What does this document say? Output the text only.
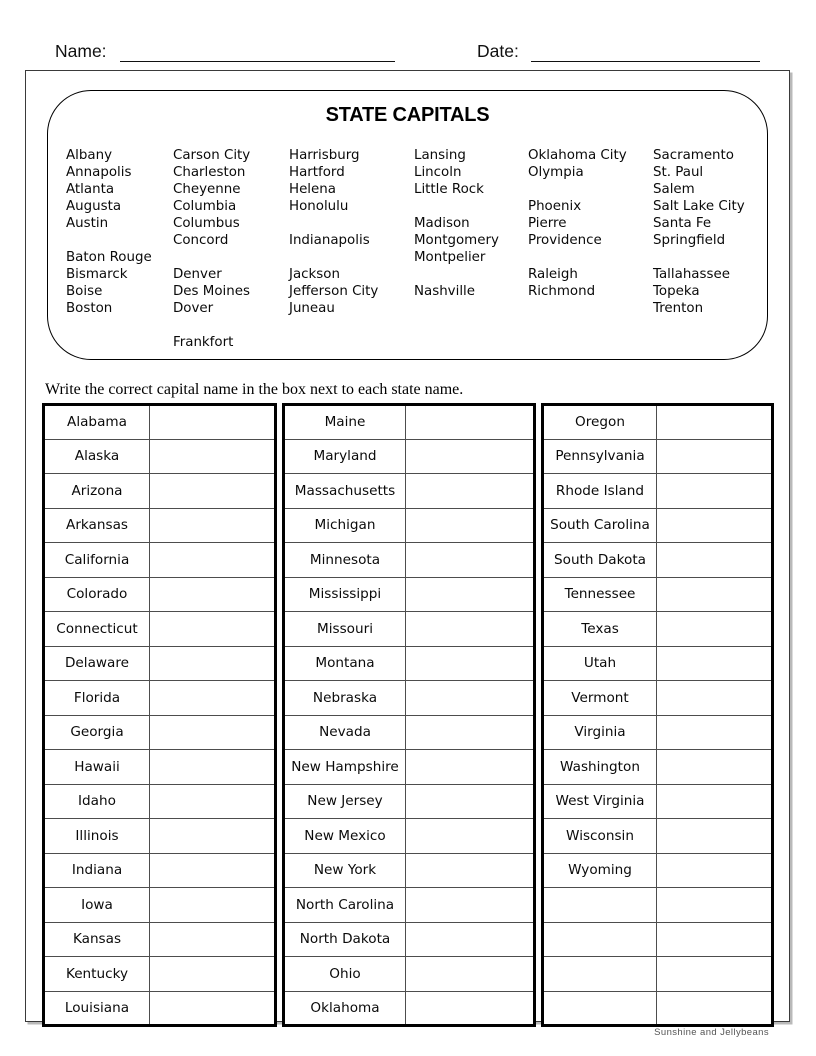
Name:	Date:
STATE CAPITALS
Albany
Annapolis
Atlanta
Augusta
Austin
Baton Rouge
Bismarck
Boise
Boston
Carson City
Charleston
Cheyenne
Columbia
Columbus
Concord
Denver
Des Moines
Dover
Frankfort
Harrisburg
Hartford
Helena
Honolulu
Indianapolis
Jackson
Jefferson City
Juneau
Lansing
Lincoln
Little Rock
Madison
Montgomery
Montpelier
Nashville
Oklahoma City
Olympia
Phoenix
Pierre
Providence
Raleigh
Richmond
Sacramento
St. Paul
Salem
Salt Lake City
Santa Fe
Springfield
Tallahassee
Topeka
Trenton
Write the correct capital name in the box next to each state name.
Alabama	
Alaska	
Arizona	
Arkansas	
California	
Colorado	
Connecticut	
Delaware	
Florida	
Georgia	
Hawaii	
Idaho	
Illinois	
Indiana	
Iowa	
Kansas	
Kentucky	
Louisiana	
Maine	
Maryland	
Massachusetts	
Michigan	
Minnesota	
Mississippi	
Missouri	
Montana	
Nebraska	
Nevada	
New Hampshire	
New Jersey	
New Mexico	
New York	
North Carolina	
North Dakota	
Ohio	
Oklahoma	
Oregon	
Pennsylvania	
Rhode Island	
South Carolina	
South Dakota	
Tennessee	
Texas	
Utah	
Vermont	
Virginia	
Washington	
West Virginia	
Wisconsin	
Wyoming	

Sunshine and Jellybeans
